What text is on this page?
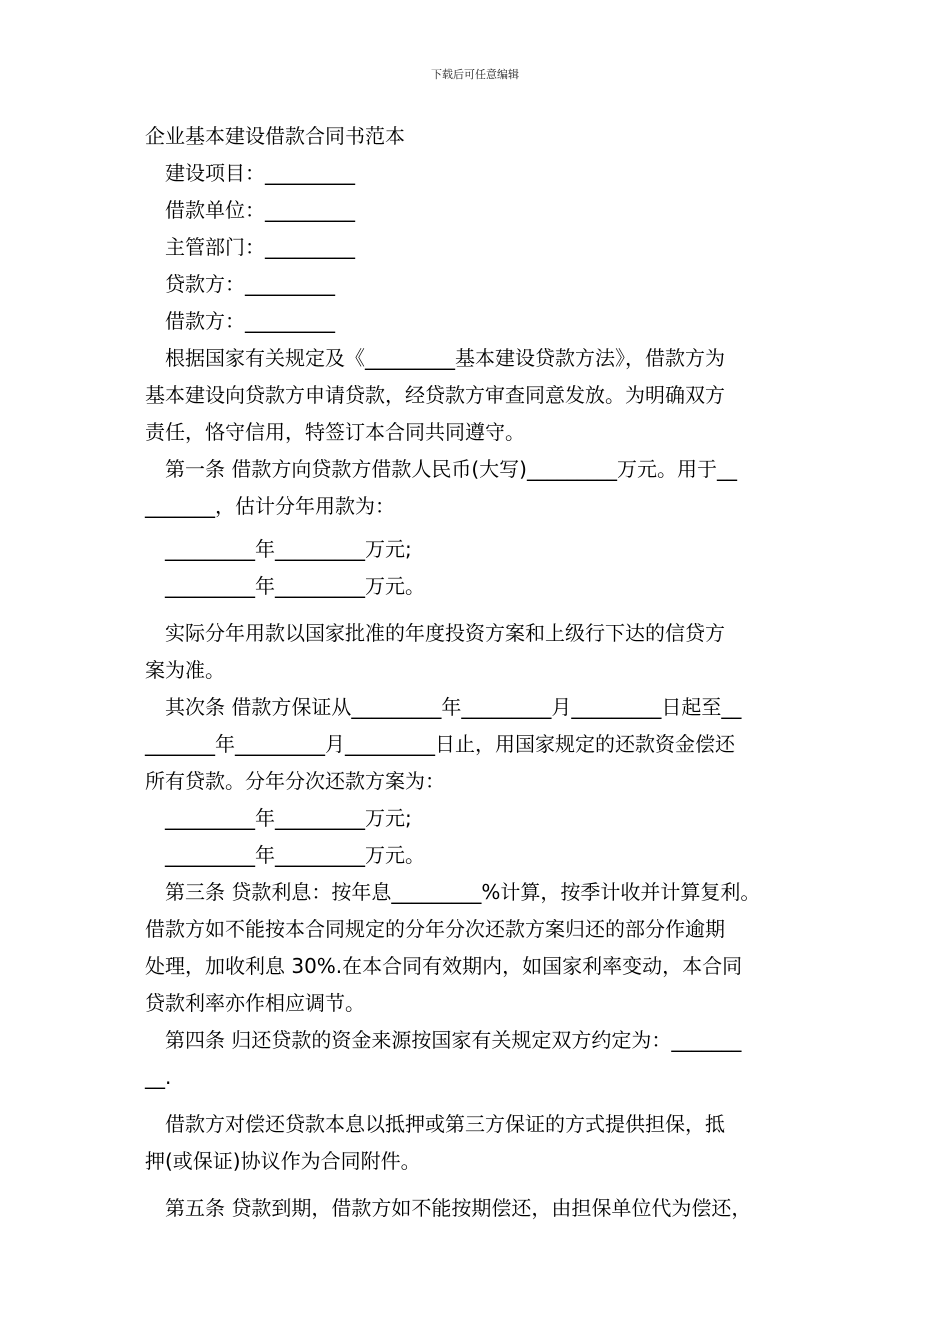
下载后可任意编辑
企业基本建设借款合同书范本
建设项目：_________
借款单位：_________
主管部门：_________
贷款方：_________
借款方：_________
　根据国家有关规定及《_________基本建设贷款方法》，借款方为
基本建设向贷款方申请贷款，经贷款方审查同意发放。为明确双方
责任，恪守信用，特签订本合同共同遵守。
　第一条 借款方向贷款方借款人民币(大写)_________万元。用于__
_______，估计分年用款为：
　_________年_________万元;
　_________年_________万元。
　实际分年用款以国家批准的年度投资方案和上级行下达的信贷方
案为准。
　其次条 借款方保证从_________年_________月_________日起至__
_______年_________月_________日止，用国家规定的还款资金偿还
所有贷款。分年分次还款方案为：
　_________年_________万元;
　_________年_________万元。
　第三条 贷款利息：按年息_________%计算，按季计收并计算复利。
借款方如不能按本合同规定的分年分次还款方案归还的部分作逾期
处理，加收利息 30%.在本合同有效期内，如国家利率变动，本合同
贷款利率亦作相应调节。
　第四条 归还贷款的资金来源按国家有关规定双方约定为：_______
__.
　借款方对偿还贷款本息以抵押或第三方保证的方式提供担保，抵
押(或保证)协议作为合同附件。
　第五条 贷款到期，借款方如不能按期偿还，由担保单位代为偿还，
